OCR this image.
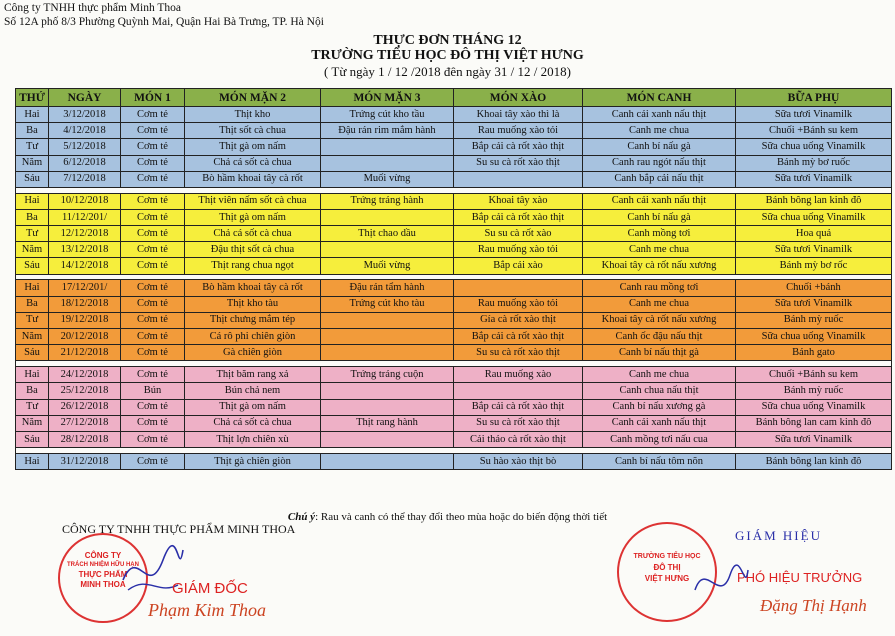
Công ty TNHH thực phẩm Minh Thoa
Số 12A phố 8/3 Phường Quỳnh Mai, Quận Hai Bà Trưng, TP. Hà Nội
THỰC ĐƠN THÁNG 12
TRƯỜNG TIỂU HỌC ĐÔ THỊ VIỆT HƯNG
( Từ ngày 1 / 12 /2018 đên ngày 31 / 12 / 2018)
THỨ	NGÀY	MÓN 1	MÓN MẶN 2	MÓN MẶN 3	MÓN XÀO	MÓN CANH	BỮA PHỤ
Hai	3/12/2018	Cơm tẻ	Thịt kho	Trứng cút kho tầu	Khoai tây xào thì là	Canh cải xanh nấu thịt	Sữa tươi Vinamilk
Ba	4/12/2018	Cơm tẻ	Thịt sốt cà chua	Đậu rán rim mắm hành	Rau muống xào tỏi	Canh me chua	Chuối +Bánh su kem
Tư	5/12/2018	Cơm tẻ	Thịt gà om nấm		Bắp cải cà rốt xào thịt	Canh bí nấu gà	Sữa chua uống Vinamilk
Năm	6/12/2018	Cơm tẻ	Chả cá sốt cà chua		Su su cà rốt xào thịt	Canh rau ngót nấu thịt	Bánh mỳ bơ ruốc
Sáu	7/12/2018	Cơm tẻ	Bò hầm khoai tây cà rốt	Muối vừng		Canh bắp cải nấu thịt	Sữa tươi Vinamilk

Hai	10/12/2018	Cơm tẻ	Thịt viên nấm sốt cà chua	Trứng tráng hành	Khoai tây xào	Canh cải xanh nấu thịt	Bánh bông lan kinh đô
Ba	11/12/201/	Cơm tẻ	Thịt gà om nấm		Bắp cải cà rốt xào thịt	Canh bí nấu gà	Sữa chua uống Vinamilk
Tư	12/12/2018	Cơm tẻ	Chả cá sốt cà chua	Thịt chao dầu	Su su cà rốt xào	Canh mồng tơi	Hoa quả
Năm	13/12/2018	Cơm tẻ	Đậu thịt sốt cà chua		Rau muống xào tỏi	Canh me chua	Sữa tươi Vinamilk
Sáu	14/12/2018	Cơm tẻ	Thịt rang chua ngọt	Muối vừng	Bắp cải xào	Khoai tây cà rốt nấu xương	Bánh mỳ bơ rốc

Hai	17/12/201/	Cơm tẻ	Bò hầm khoai tây cà rốt	Đậu rán tẩm hành		Canh rau mồng tơi	Chuối +bánh
Ba	18/12/2018	Cơm tẻ	Thịt kho tàu	Trứng cút kho tàu	Rau muống xào tỏi	Canh me chua	Sữa tươi Vinamilk
Tư	19/12/2018	Cơm tẻ	Thịt chưng mắm tép		Gía cà rốt xào thịt	Khoai tây cà rốt nấu xương	Bánh mỳ ruốc
Năm	20/12/2018	Cơm tẻ	Cá rô phi chiên giòn		Bắp cải cà rốt xào thịt	Canh ốc đậu nấu thịt	Sữa chua uống Vinamilk
Sáu	21/12/2018	Cơm tẻ	Gà chiên giòn		Su su cà rốt xào thịt	Canh bí nấu thịt gà	Bánh gato

Hai	24/12/2018	Cơm tẻ	Thịt băm rang xả	Trứng tráng cuộn	Rau muống xào	Canh me chua	Chuối +Bánh su kem
Ba	25/12/2018	Bún	Bún chả nem			Canh chua nấu thịt	Bánh mỳ ruốc
Tư	26/12/2018	Cơm tẻ	Thịt gà om nấm		Bắp cải cà rốt xào thịt	Canh bí nấu xương gà	Sữa chua uống Vinamilk
Năm	27/12/2018	Cơm tẻ	Chả cá sốt cà chua	Thịt rang hành	Su su cà rốt xào thịt	Canh cải xanh nấu thịt	Bánh bông lan cam kinh đô
Sáu	28/12/2018	Cơm tẻ	Thịt lợn chiên xù		Cải thảo cà rốt xào thịt	Canh mồng tơi nấu cua	Sữa tươi Vinamilk

Hai	31/12/2018	Cơm tẻ	Thịt gà chiên giòn		Su hào xào thịt bò	Canh bí nấu tôm nõn	Bánh bông lan kinh đô
Chú ý: Rau và canh có thể thay đổi theo mùa hoặc do biến động thời tiết
CÔNG TY TNHH THỰC PHẨM MINH THOA
CÔNG TY
TRÁCH NHIỆM HỮU HẠN
THỰC PHẨM
MINH THOA	GIÁM ĐỐC
Phạm Kim Thoa
TRƯỜNG TIỂU HỌC
ĐÔ THỊ
VIỆT HƯNG
GIÁM HIỆU
PHÓ HIỆU TRƯỞNG
Đặng Thị Hạnh
